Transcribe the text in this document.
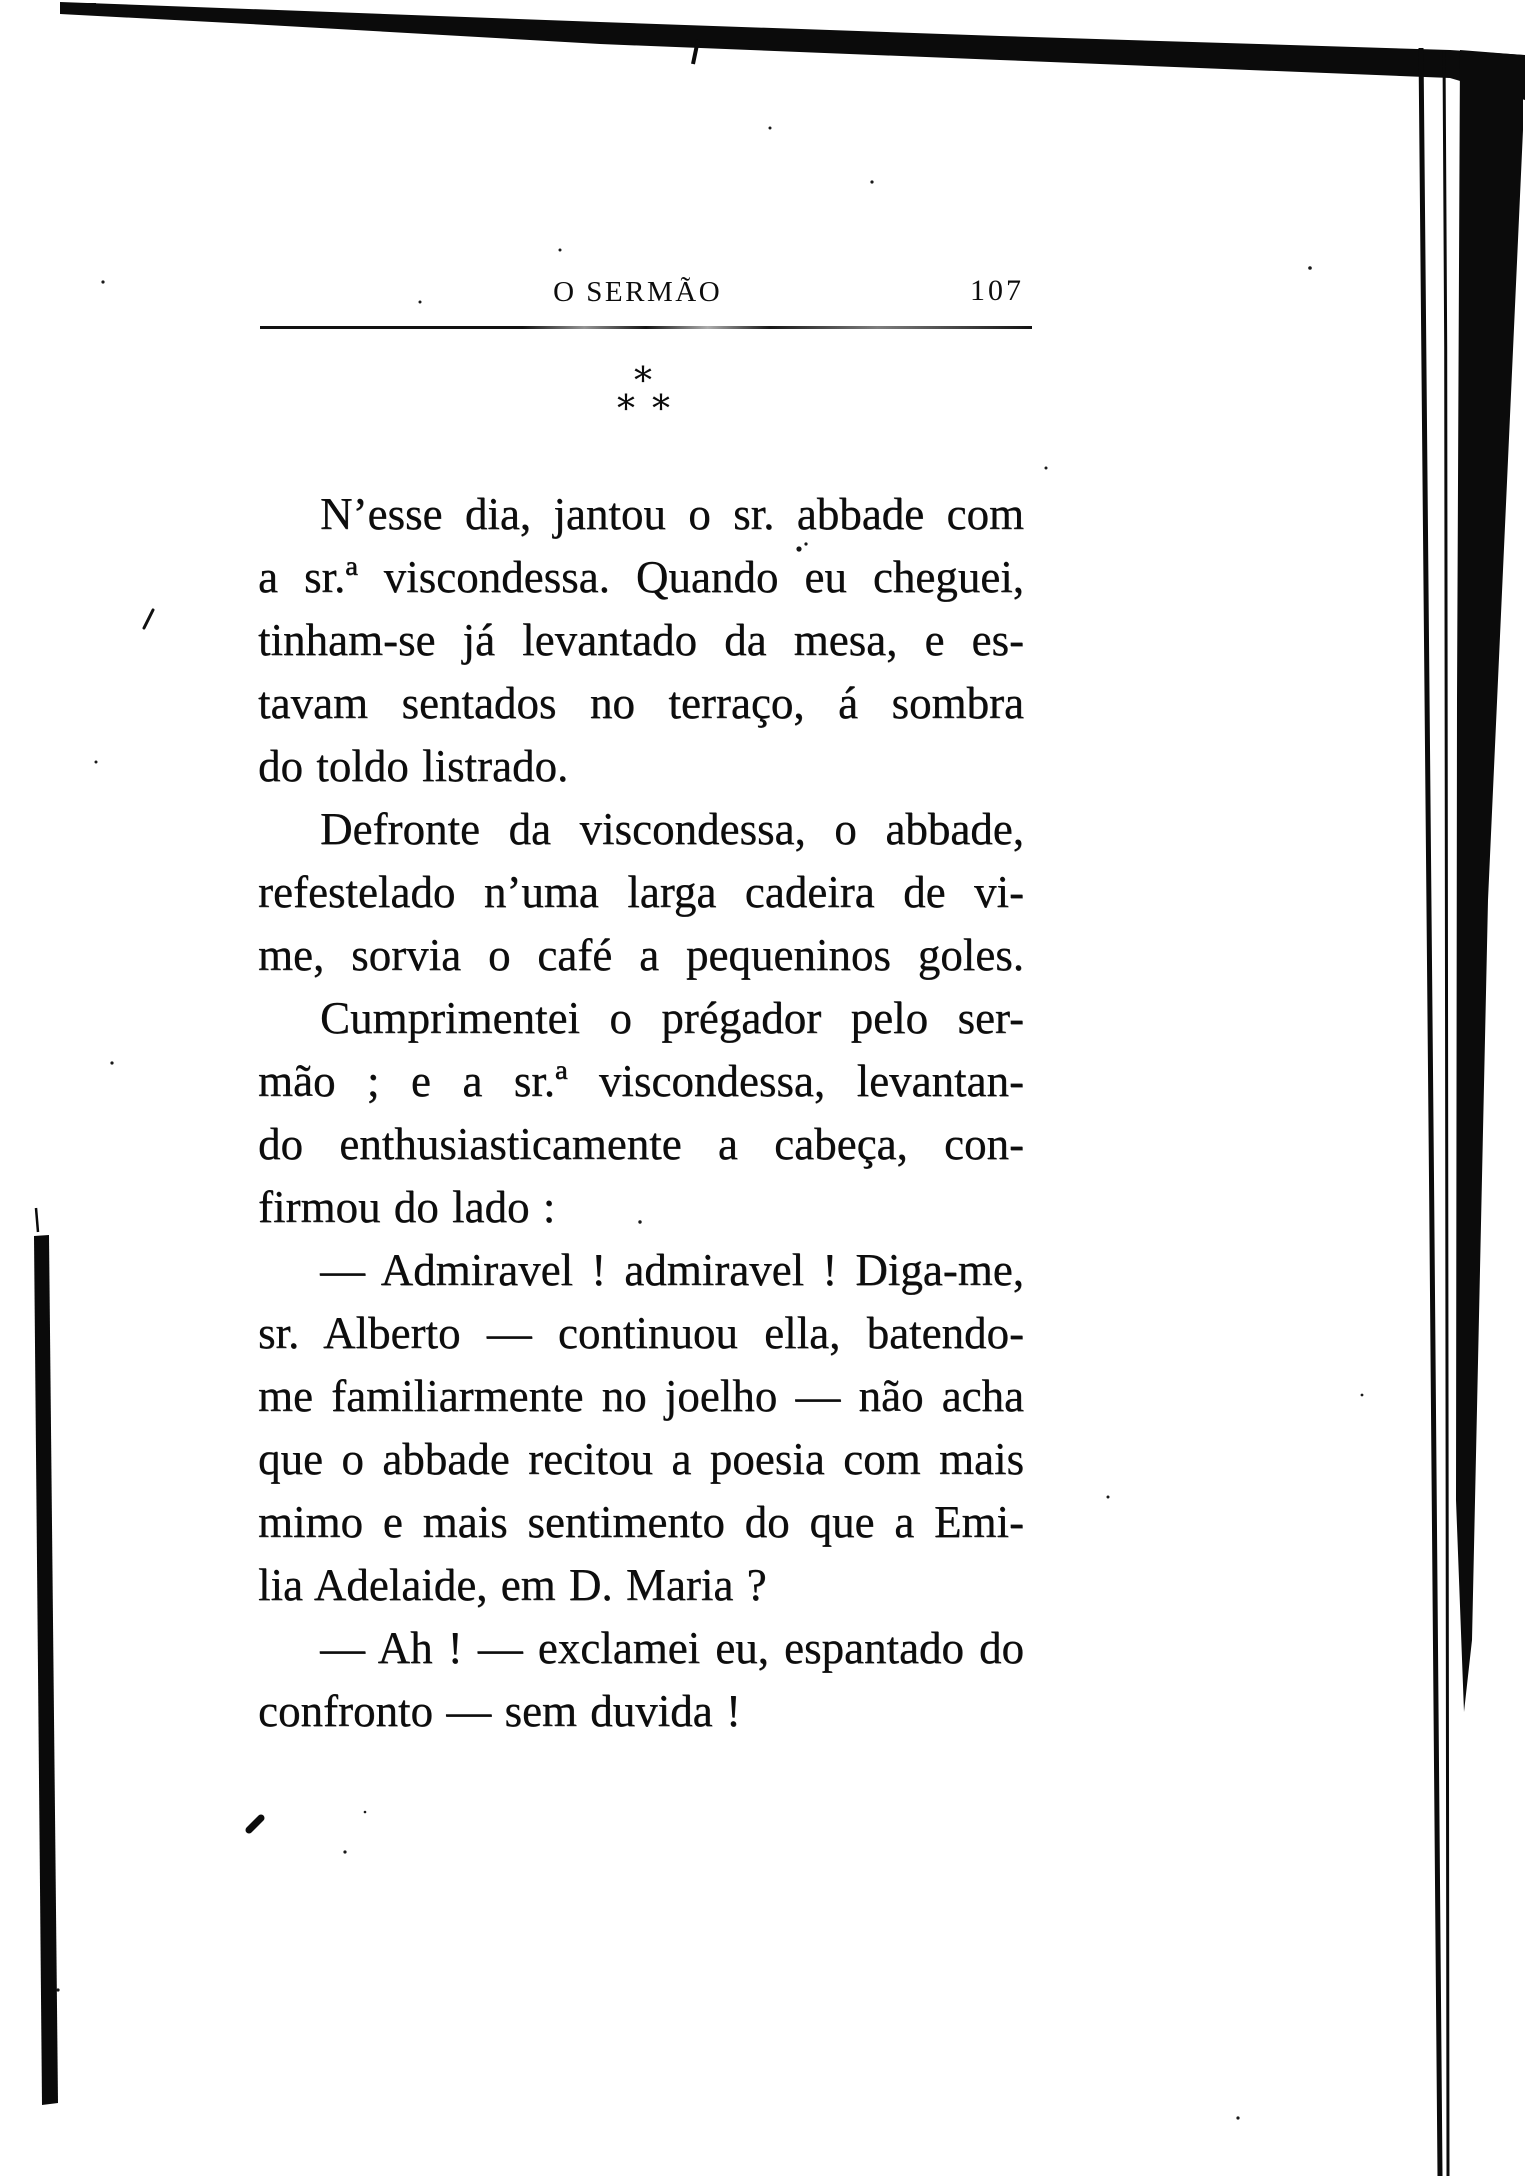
O SERMÃO	107
*
* *
N’esse dia, jantou o sr. abbade com
a sr.ª viscondessa. Quando eu cheguei,
tinham-se já levantado da mesa, e es-
tavam sentados no terraço, á sombra
do toldo listrado.
Defronte da viscondessa, o abbade,
refestelado n’uma larga cadeira de vi-
me, sorvia o café a pequeninos goles.
Cumprimentei o prégador pelo ser-
mão ; e a sr.ª viscondessa, levantan-
do enthusiasticamente a cabeça, con-
firmou do lado :
— Admiravel ! admiravel ! Diga-me,
sr. Alberto — continuou ella, batendo-
me familiarmente no joelho — não acha
que o abbade recitou a poesia com mais
mimo e mais sentimento do que a Emi-
lia Adelaide, em D. Maria ?
— Ah ! — exclamei eu, espantado do
confronto — sem duvida !
